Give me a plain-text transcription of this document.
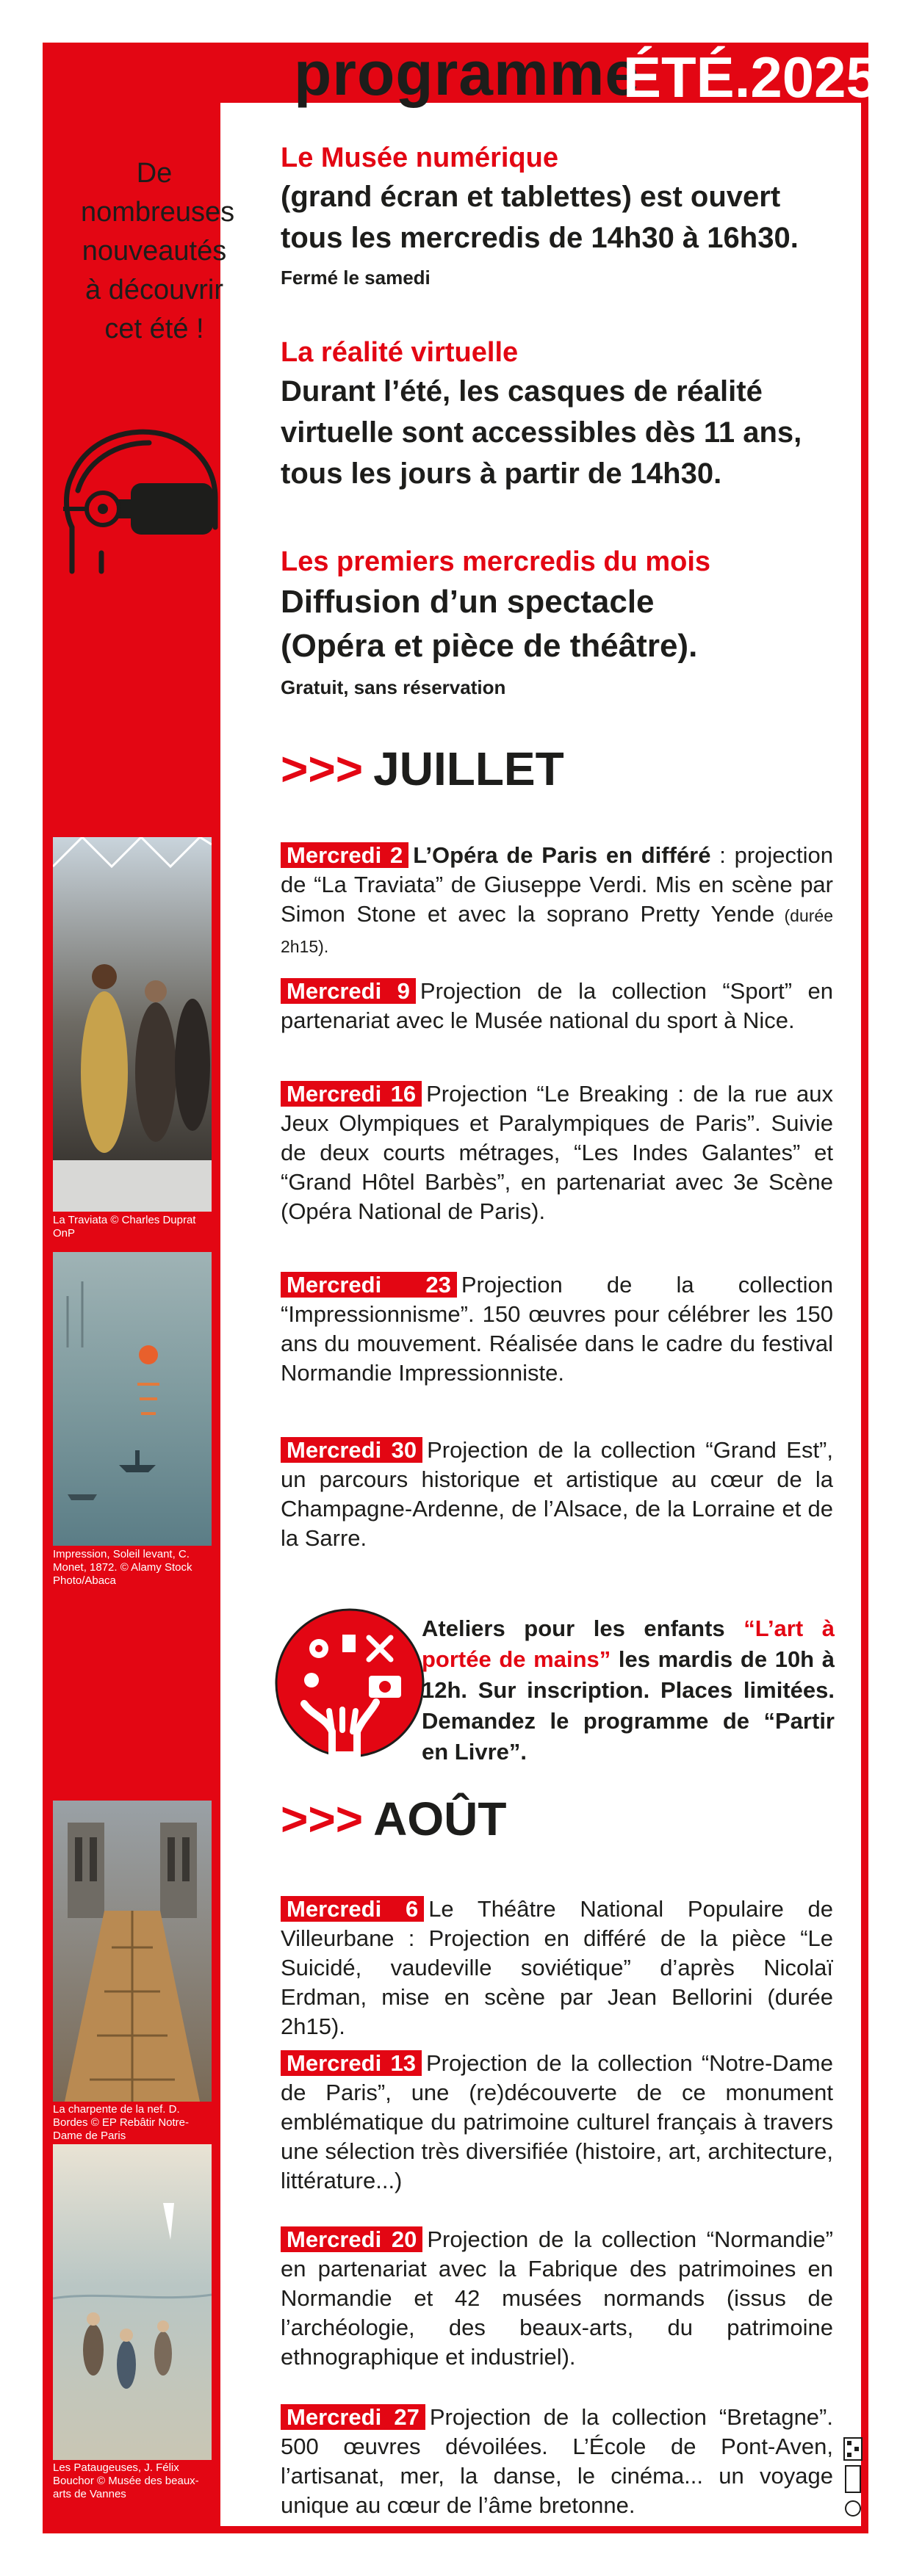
programme
ÉTÉ.2025
De
nombreuses
nouveautés
à découvrir
cet été !
Le Musée numérique
(grand écran et tablettes) est ouvert
tous les mercredis de 14h30 à 16h30.
Fermé le samedi
La réalité virtuelle
Durant l’été, les casques de réalité
virtuelle sont accessibles dès 11 ans,
tous les jours à partir de 14h30.
Les premiers mercredis du mois
Diffusion d’un spectacle
(Opéra et pièce de théâtre).
Gratuit, sans réservation
>>> JUILLET
Mercredi 2 L’Opéra de Paris en différé : projection de “La Traviata” de Giuseppe Verdi. Mis en scène par Simon Stone et avec la soprano Pretty Yende (durée 2h15).
Mercredi 9 Projection de la collection “Sport” en partenariat avec le Musée national du sport à Nice.
Mercredi 16 Projection “Le Breaking : de la rue aux Jeux Olympiques et Paralympiques de Paris”. Suivie de deux courts métrages, “Les Indes Galantes” et “Grand Hôtel Barbès”, en partenariat avec 3e Scène (Opéra National de Paris).
Mercredi 23 Projection de la collection “Impressionnisme”. 150 œuvres pour célébrer les 150 ans du mouvement. Réalisée dans le cadre du festival Normandie Impressionniste.
Mercredi 30 Projection de la collection “Grand Est”, un parcours historique et artistique au cœur de la Champagne-Ardenne, de l’Alsace, de la Lorraine et de la Sarre.
Ateliers pour les enfants “L’art à portée de mains” les mardis de 10h à 12h. Sur inscription. Places limitées. Demandez le programme de “Partir en Livre”.
>>> AOÛT
Mercredi 6 Le Théâtre National Populaire de Villeurbane : Projection en différé de la pièce “Le Suicidé, vaudeville soviétique” d’après Nicolaï Erdman, mise en scène par Jean Bellorini (durée 2h15).
Mercredi 13 Projection de la collection “Notre-Dame de Paris”, une (re)découverte de ce monument emblématique du patrimoine culturel français à travers une sélection très diversifiée (histoire, art, architecture, littérature...)
Mercredi 20 Projection de la collection “Normandie” en partenariat avec la Fabrique des patrimoines en Normandie et 42 musées normands (issus de l’archéologie, des beaux-arts, du patrimoine ethnographique et industriel).
Mercredi 27 Projection de la collection “Bretagne”. 500 œuvres dévoilées. L’École de Pont-Aven, l’artisanat, mer, la danse, le cinéma... un voyage unique au cœur de l’âme bretonne.
La Traviata © Charles Duprat OnP
Impression, Soleil levant, C. Monet, 1872. © Alamy Stock Photo/Abaca
La charpente de la nef. D. Bordes © EP Rebâtir Notre-Dame de Paris
Les Pataugeuses, J. Félix Bouchor © Musée des beaux-arts de Vannes
